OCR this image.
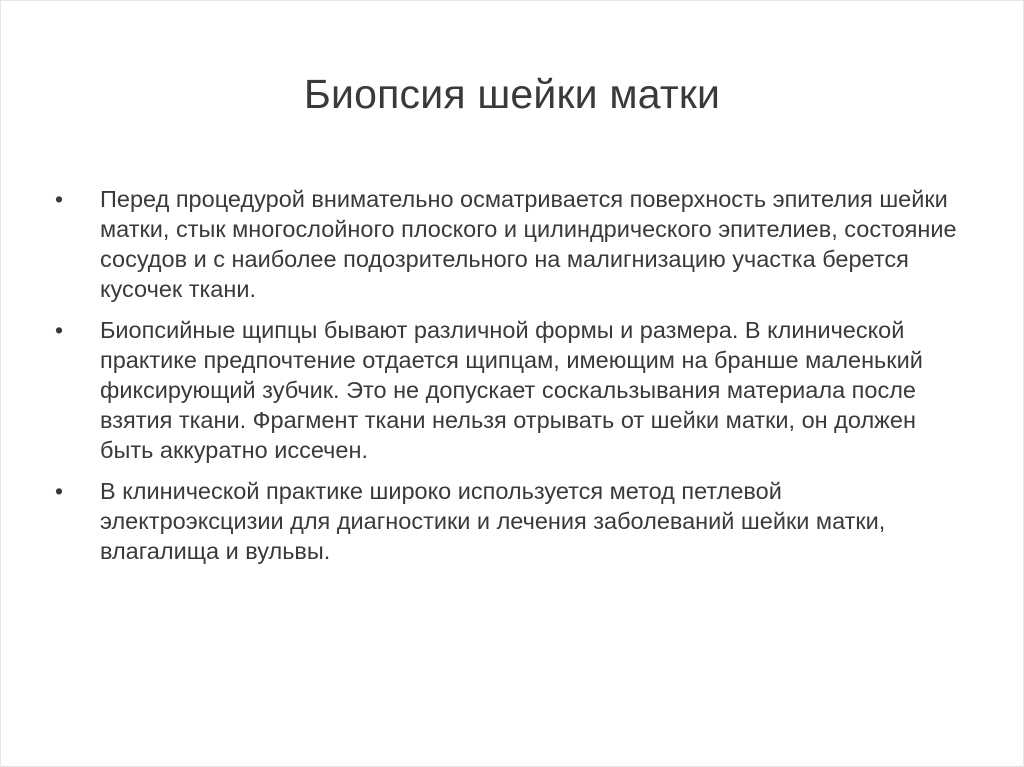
Биопсия шейки матки
•	Перед процедурой внимательно осматривается поверхность эпителия шейки матки, стык многослойного плоского и цилиндрического эпителиев, состояние сосудов и с наиболее подозрительного на малигнизацию участка берется кусочек ткани.
•	Биопсийные щипцы бывают различной формы и размера. В клинической практике предпочтение отдается щипцам, имеющим на бранше маленький фиксирующий зубчик. Это не допускает соскальзывания материала после взятия ткани. Фрагмент ткани нельзя отрывать от шейки матки, он должен быть аккуратно иссечен.
•	В клинической практике широко используется метод петлевой электроэксцизии для диагностики и лечения заболеваний шейки матки, влагалища и вульвы.
